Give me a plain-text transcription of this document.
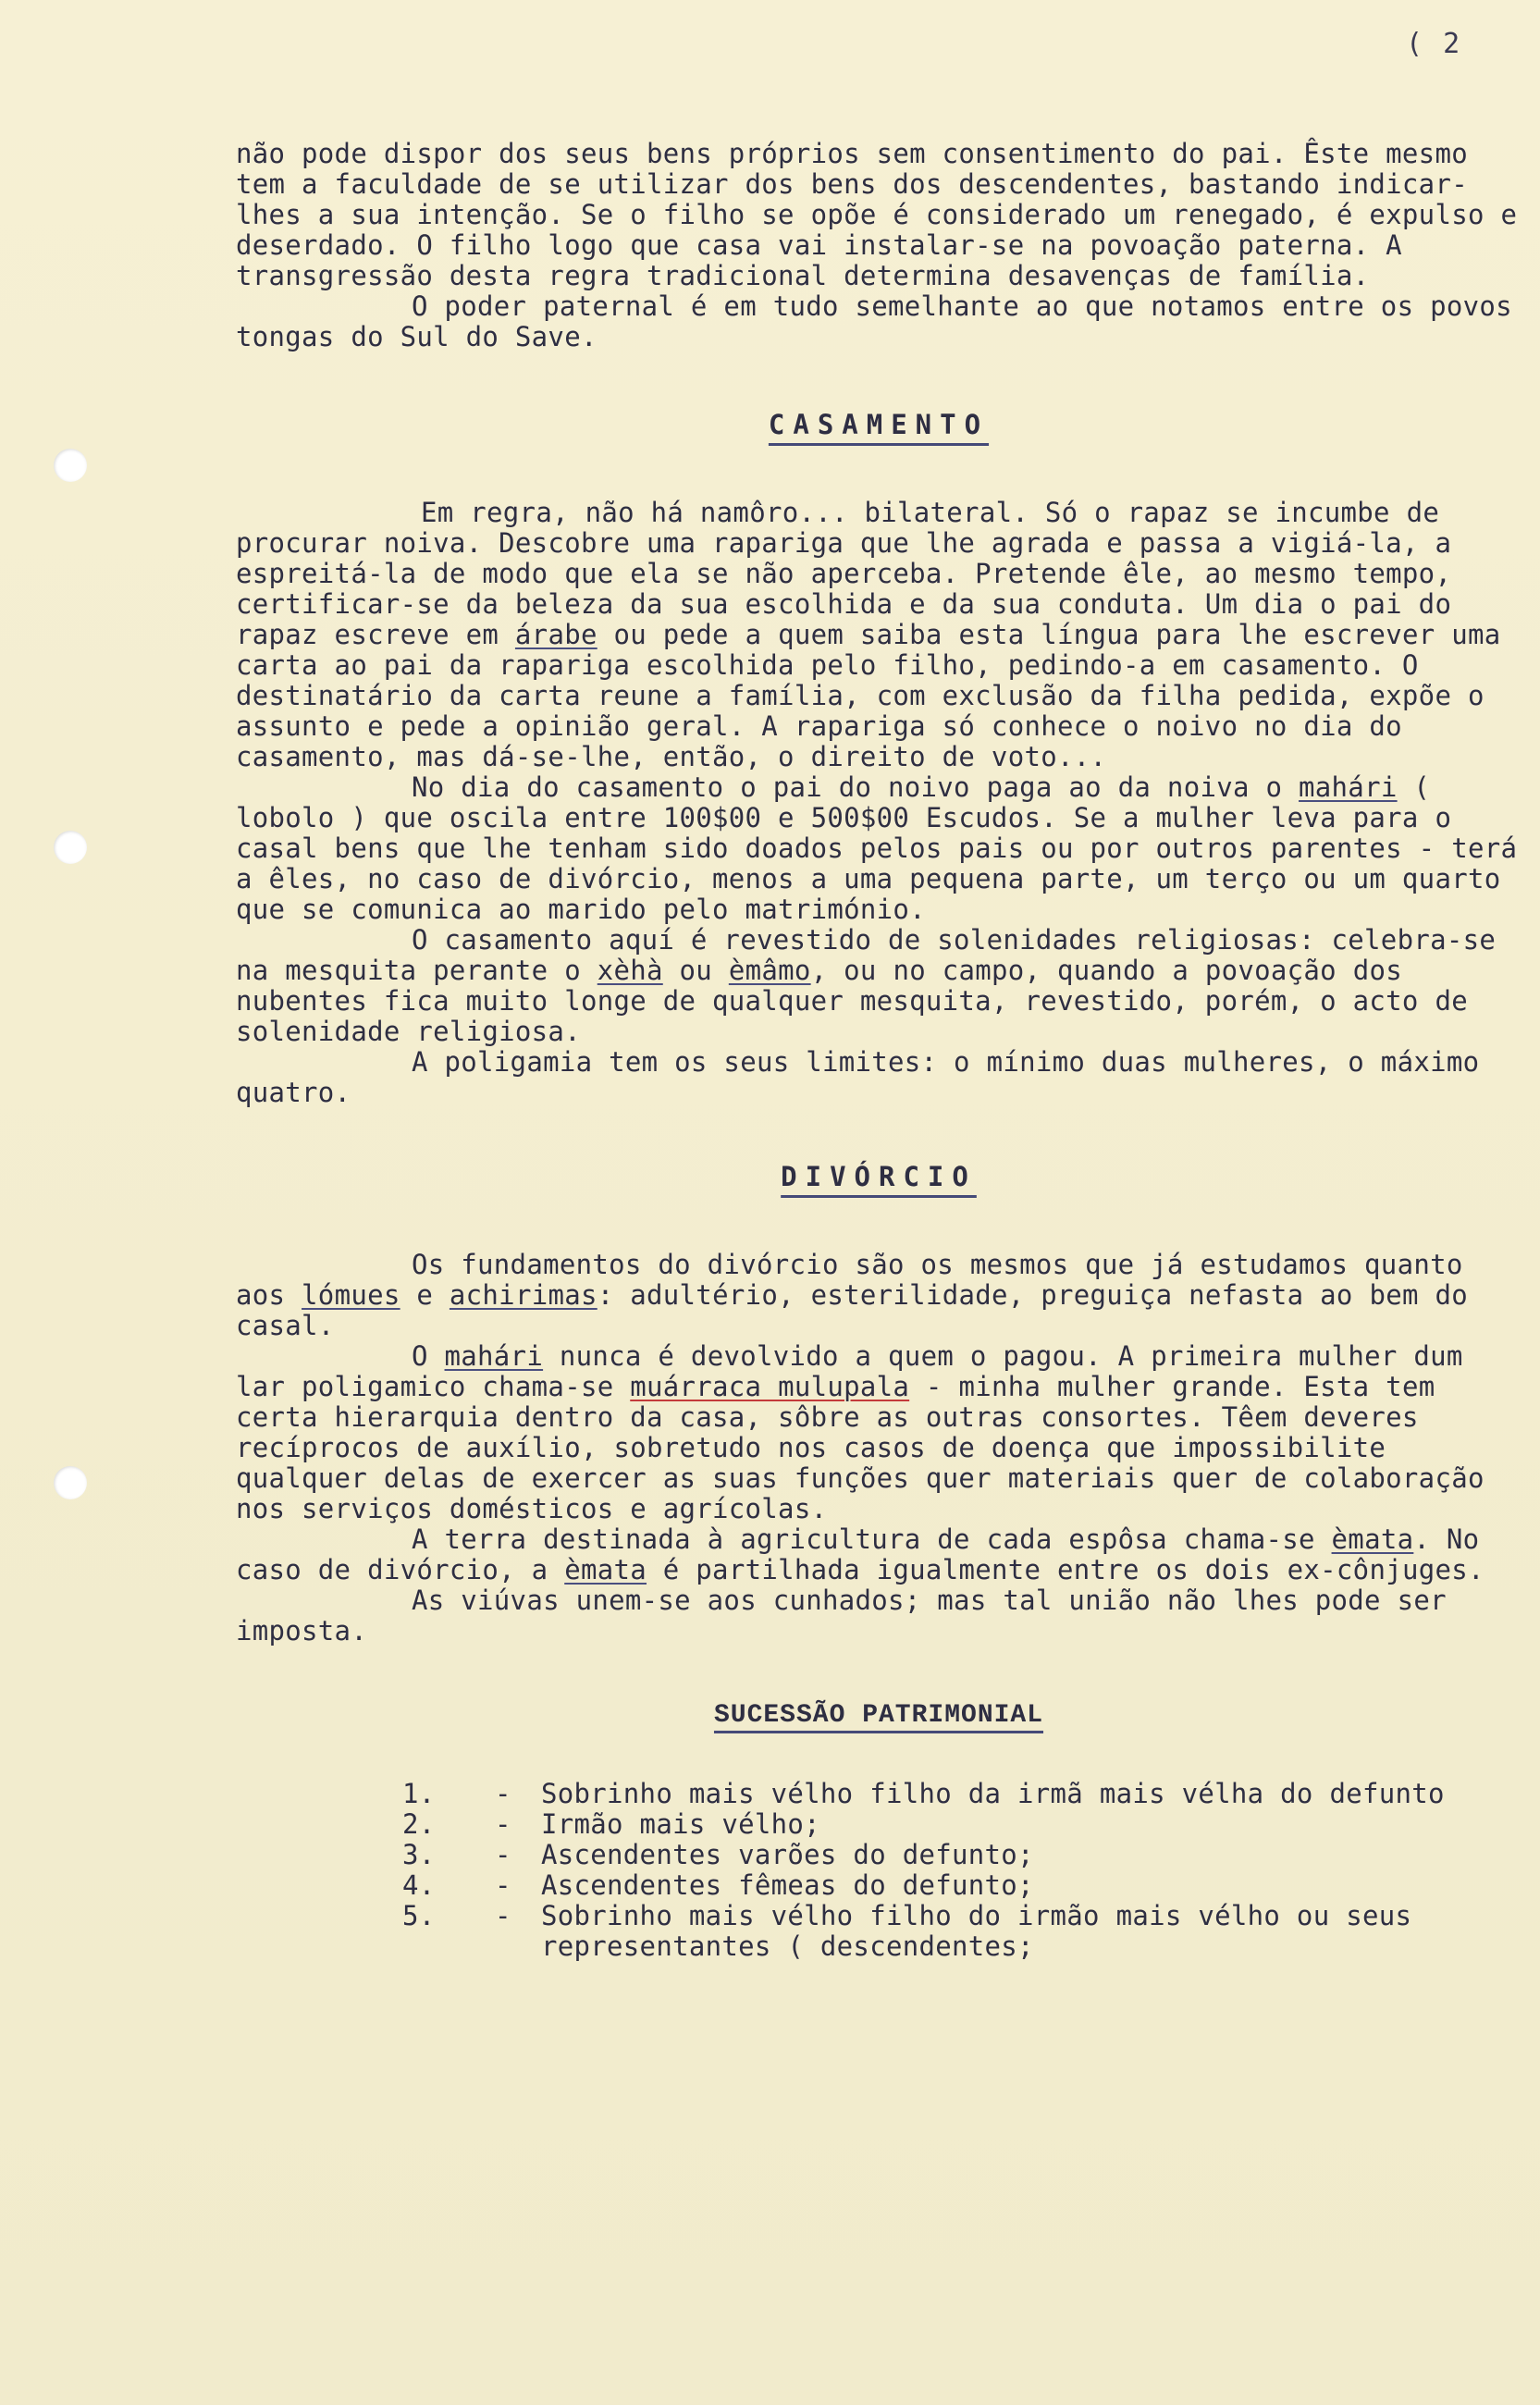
( 2

não pode dispor dos seus bens próprios sem consentimento do pai. Êste mesmo tem a faculdade de se utilizar dos bens dos descendentes, bastando indicar-lhes a sua intenção. Se o filho se opõe é considerado um renegado, é expulso e deserdado. O filho logo que casa vai instalar-se na povoação paterna. A transgressão desta regra tradicional determina desavenças de família.

O poder paternal é em tudo semelhante ao que notamos entre os povos tongas do Sul do Save.

CASAMENTO

Em regra, não há namôro... bilateral. Só o rapaz se incumbe de procurar noiva. Descobre uma rapariga que lhe agrada e passa a vigiá-la, a espreitá-la de modo que ela se não aperceba. Pretende êle, ao mesmo tempo, certificar-se da beleza da sua escolhida e da sua conduta. Um dia o pai do rapaz escreve em árabe ou pede a quem saiba esta língua para lhe escrever uma carta ao pai da rapariga escolhida pelo filho, pedindo-a em casamento. O destinatário da carta reune a família, com exclusão da filha pedida, expõe o assunto e pede a opinião geral. A rapariga só conhece o noivo no dia do casamento, mas dá-se-lhe, então, o direito de voto...

No dia do casamento o pai do noivo paga ao da noiva o mahári ( lobolo ) que oscila entre 100$00 e 500$00 Escudos. Se a mulher leva para o casal bens que lhe tenham sido doados pelos pais ou por outros parentes - terá a êles, no caso de divórcio, menos a uma pequena parte, um terço ou um quarto que se comunica ao marido pelo matrimónio.

O casamento aquí é revestido de solenidades religiosas: celebra-se na mesquita perante o xèhà ou èmâmo, ou no campo, quando a povoação dos nubentes fica muito longe de qualquer mesquita, revestido, porém, o acto de solenidade religiosa.

A poligamia tem os seus limites: o mínimo duas mulheres, o máximo quatro.

DIVÓRCIO

Os fundamentos do divórcio são os mesmos que já estudamos quanto aos lómues e achirimas: adultério, esterilidade, preguiça nefasta ao bem do casal.

O mahári nunca é devolvido a quem o pagou. A primeira mulher dum lar poligamico chama-se muárraca mulupala - minha mulher grande. Esta tem certa hierarquia dentro da casa, sôbre as outras consortes. Têem deveres recíprocos de auxílio, sobretudo nos casos de doença que impossibilite qualquer delas de exercer as suas funções quer materiais quer de colaboração nos serviços domésticos e agrícolas.

A terra destinada à agricultura de cada espôsa chama-se èmata. No caso de divórcio, a èmata é partilhada igualmente entre os dois ex-cônjuges.

As viúvas unem-se aos cunhados; mas tal união não lhes pode ser imposta.

SUCESSÃO PATRIMONIAL
1.	-	Sobrinho mais vélho filho da irmã mais vélha do defunto
2.	-	Irmão mais vélho;
3.	-	Ascendentes varões do defunto;
4.	-	Ascendentes fêmeas do defunto;
5.	-	Sobrinho mais vélho filho do irmão mais vélho ou seus representantes ( descendentes;
